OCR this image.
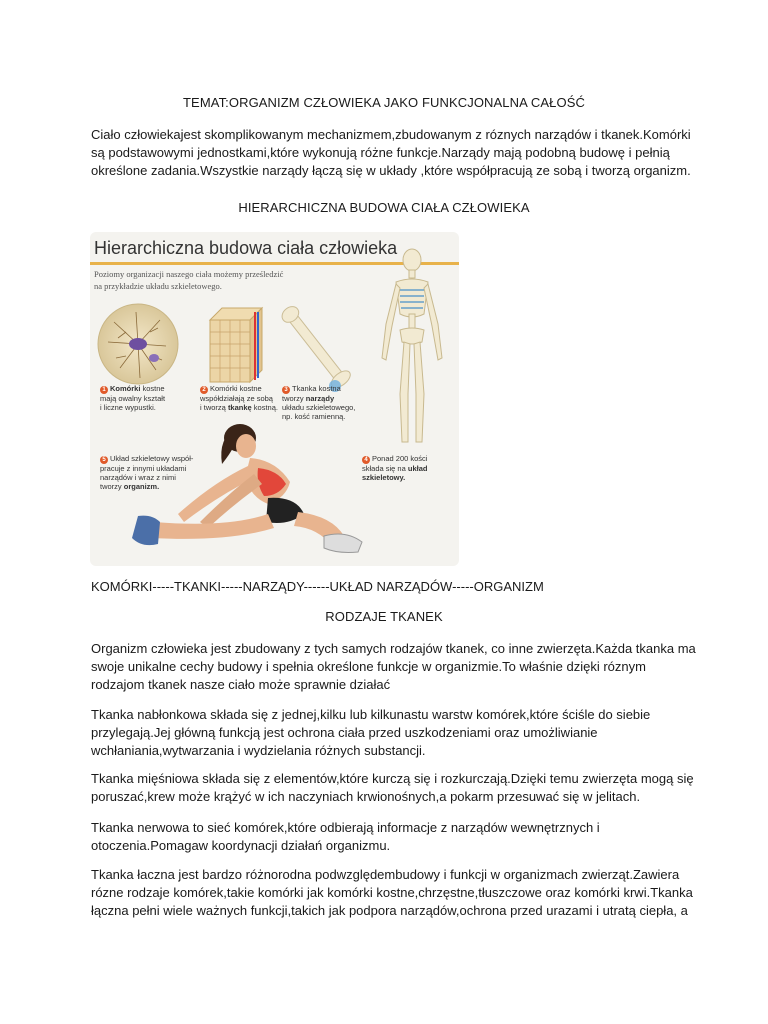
TEMAT:ORGANIZM CZŁOWIEKA JAKO FUNKCJONALNA CAŁOŚĆ
Ciało człowiekajest skomplikowanym mechanizmem,zbudowanym z róznych narządów i tkanek.Komórki
są podstawowymi jednostkami,które wykonują różne funkcje.Narządy mają podobną budowę i pełnią
określone zadania.Wszystkie narządy łączą się w układy ,które współpracują ze sobą i tworzą organizm.
HIERARCHICZNA BUDOWA CIAŁA CZŁOWIEKA
Hierarchiczna budowa ciała człowieka
Poziomy organizacji naszego ciała możemy prześledzić
na przykładzie układu szkieletowego.
1 Komórki kostne
mają owalny kształt
i liczne wypustki.
2 Komórki kostne
współdziałają ze sobą
i tworzą tkankę kostną.
3 Tkanka kostna
tworzy narządy
układu szkieletowego,
np. kość ramienną.
5 Układ szkieletowy współ-
pracuje z innymi układami
narządów i wraz z nimi
tworzy organizm.
4 Ponad 200 kości
składa się na układ
szkieletowy.
KOMÓRKI-----TKANKI-----NARZĄDY------UKŁAD NARZĄDÓW-----ORGANIZM
RODZAJE TKANEK
Organizm człowieka jest zbudowany z tych samych rodzajów tkanek, co inne zwierzęta.Każda tkanka ma
swoje unikalne cechy budowy i spełnia określone funkcje w organizmie.To właśnie dzięki róznym
rodzajom tkanek nasze ciało może sprawnie działać
Tkanka nabłonkowa składa się z jednej,kilku lub kilkunastu warstw komórek,które ściśle do siebie
przylegają.Jej główną funkcją jest ochrona ciała przed uszkodzeniami oraz umożliwianie
wchłaniania,wytwarzania i wydzielania różnych substancji.
Tkanka mięśniowa składa się z elementów,które kurczą się i rozkurczają.Dzięki temu zwierzęta mogą się
poruszać,krew może krążyć w ich naczyniach krwionośnych,a pokarm przesuwać się w jelitach.
Tkanka nerwowa to sieć komórek,które odbierają informacje z narządów wewnętrznych i
otoczenia.Pomagaw koordynacji działań organizmu.
Tkanka łaczna jest bardzo różnorodna podwzględembudowy i funkcji w organizmach zwierząt.Zawiera
rózne rodzaje komórek,takie komórki jak komórki kostne,chrzęstne,tłuszczowe oraz komórki krwi.Tkanka
łączna pełni wiele ważnych funkcji,takich jak podpora narządów,ochrona przed urazami i utratą ciepła, a
